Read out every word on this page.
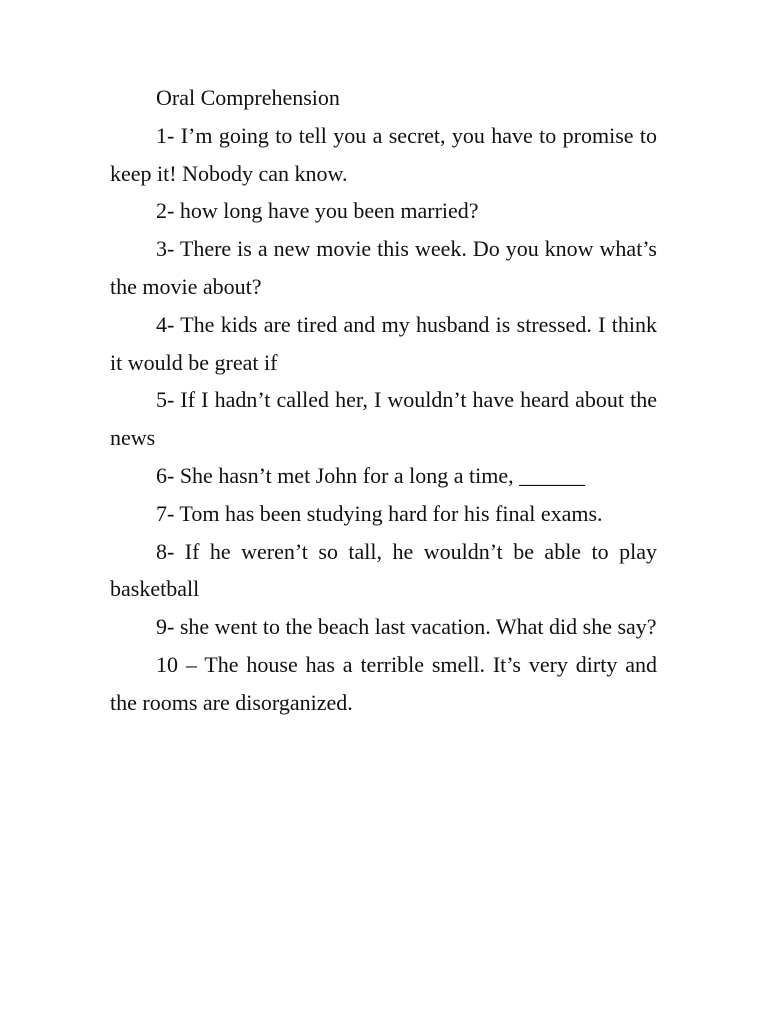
Oral Comprehension

1- I’m going to tell you a secret, you have to promise to keep it! Nobody can know.

2- how long have you been married?

3- There is a new movie this week. Do you know what’s the movie about?

4- The kids are tired and my husband is stressed. I think it would be great if

5- If I hadn’t called her, I wouldn’t have heard about the news

6- She hasn’t met John for a long a time, ______

7- Tom has been studying hard for his final exams.

8- If he weren’t so tall, he wouldn’t be able to play basketball

9- she went to the beach last vacation. What did she say?

10 – The house has a terrible smell. It’s very dirty and the rooms are disorganized.
